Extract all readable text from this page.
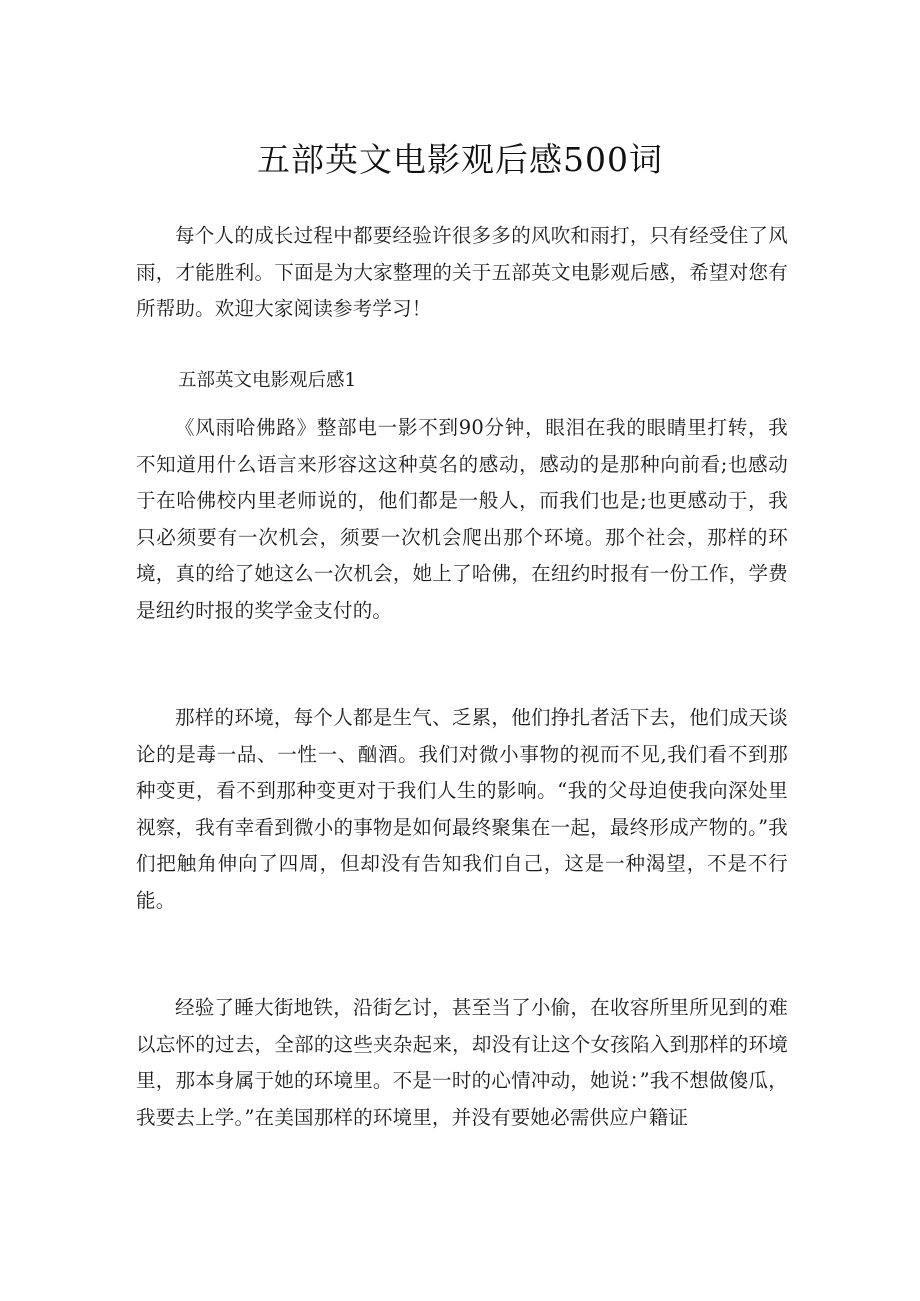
五部英文电影观后感500词
每个人的成长过程中都要经验许很多多的风吹和雨打，只有经受住了风雨，才能胜利。下面是为大家整理的关于五部英文电影观后感，希望对您有所帮助。欢迎大家阅读参考学习！
五部英文电影观后感1
《风雨哈佛路》整部电一影不到90分钟，眼泪在我的眼睛里打转，我不知道用什么语言来形容这这种莫名的感动，感动的是那种向前看;也感动于在哈佛校内里老师说的，他们都是一般人，而我们也是;也更感动于，我只必须要有一次机会，须要一次机会爬出那个环境。那个社会，那样的环境，真的给了她这么一次机会，她上了哈佛，在纽约时报有一份工作，学费是纽约时报的奖学金支付的。
那样的环境，每个人都是生气、乏累，他们挣扎者活下去，他们成天谈论的是毒一品、一性一、酗酒。我们对微小事物的视而不见,我们看不到那种变更，看不到那种变更对于我们人生的影响。“我的父母迫使我向深处里视察，我有幸看到微小的事物是如何最终聚集在一起，最终形成产物的。”我们把触角伸向了四周，但却没有告知我们自己，这是一种渴望，不是不行能。
经验了睡大街地铁，沿街乞讨，甚至当了小偷，在收容所里所见到的难以忘怀的过去，全部的这些夹杂起来，却没有让这个女孩陷入到那样的环境里，那本身属于她的环境里。不是一时的心情冲动，她说：”我不想做傻瓜，我要去上学。”在美国那样的环境里，并没有要她必需供应户籍证
